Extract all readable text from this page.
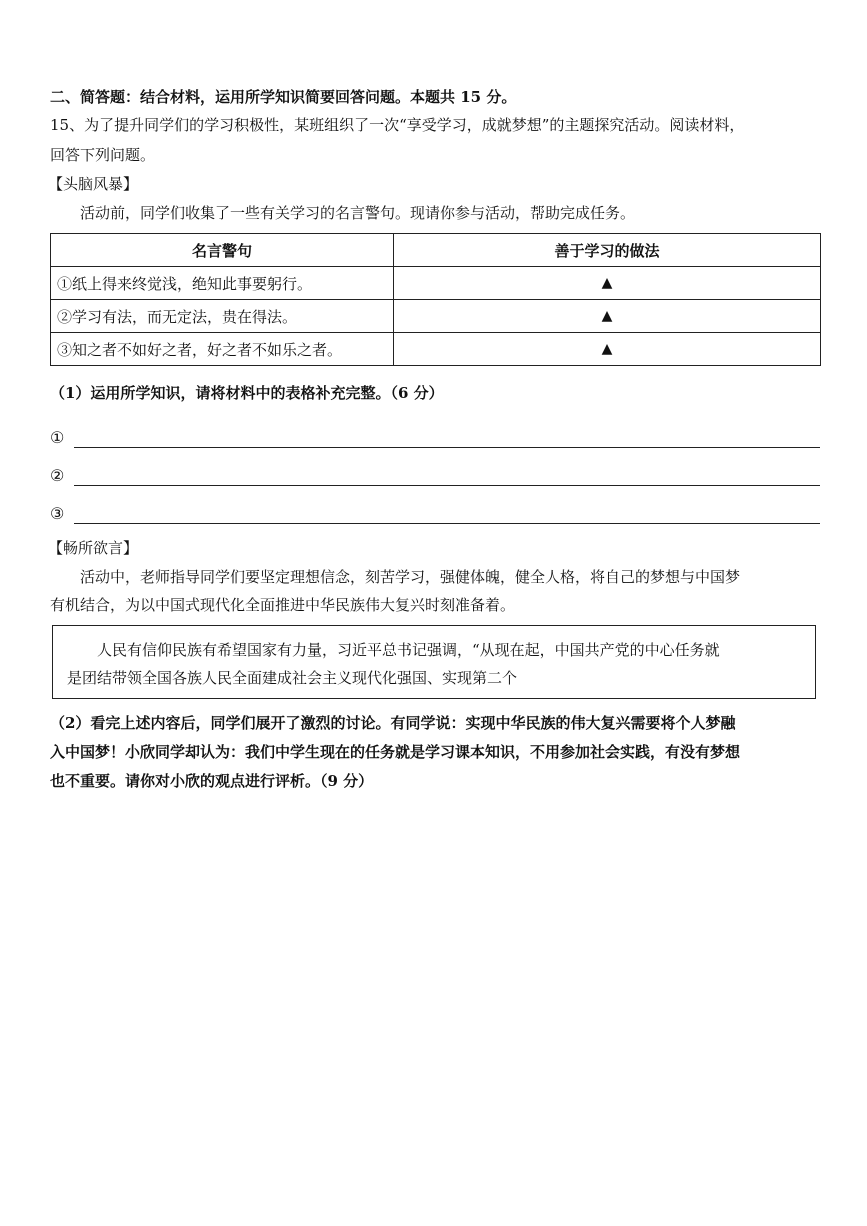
二、简答题：结合材料，运用所学知识简要回答问题。本题共 15 分。
15、为了提升同学们的学习积极性，某班组织了一次“享受学习，成就梦想”的主题探究活动。阅读材料，
回答下列问题。
【头脑风暴】
活动前，同学们收集了一些有关学习的名言警句。现请你参与活动，帮助完成任务。
名言警句	善于学习的做法
①纸上得来终觉浅，绝知此事要躬行。	▲
②学习有法，而无定法，贵在得法。	▲
③知之者不如好之者，好之者不如乐之者。	▲
（1）运用所学知识，请将材料中的表格补充完整。（6 分）
①
②
③
【畅所欲言】
活动中，老师指导同学们要坚定理想信念，刻苦学习，强健体魄，健全人格，将自己的梦想与中国梦
有机结合，为以中国式现代化全面推进中华民族伟大复兴时刻准备着。
人民有信仰民族有希望国家有力量，习近平总书记强调，“从现在起，中国共产党的中心任务就
是团结带领全国各族人民全面建成社会主义现代化强国、实现第二个
（2）看完上述内容后，同学们展开了激烈的讨论。有同学说：实现中华民族的伟大复兴需要将个人梦融
入中国梦！小欣同学却认为：我们中学生现在的任务就是学习课本知识，不用参加社会实践，有没有梦想
也不重要。请你对小欣的观点进行评析。（9 分）
